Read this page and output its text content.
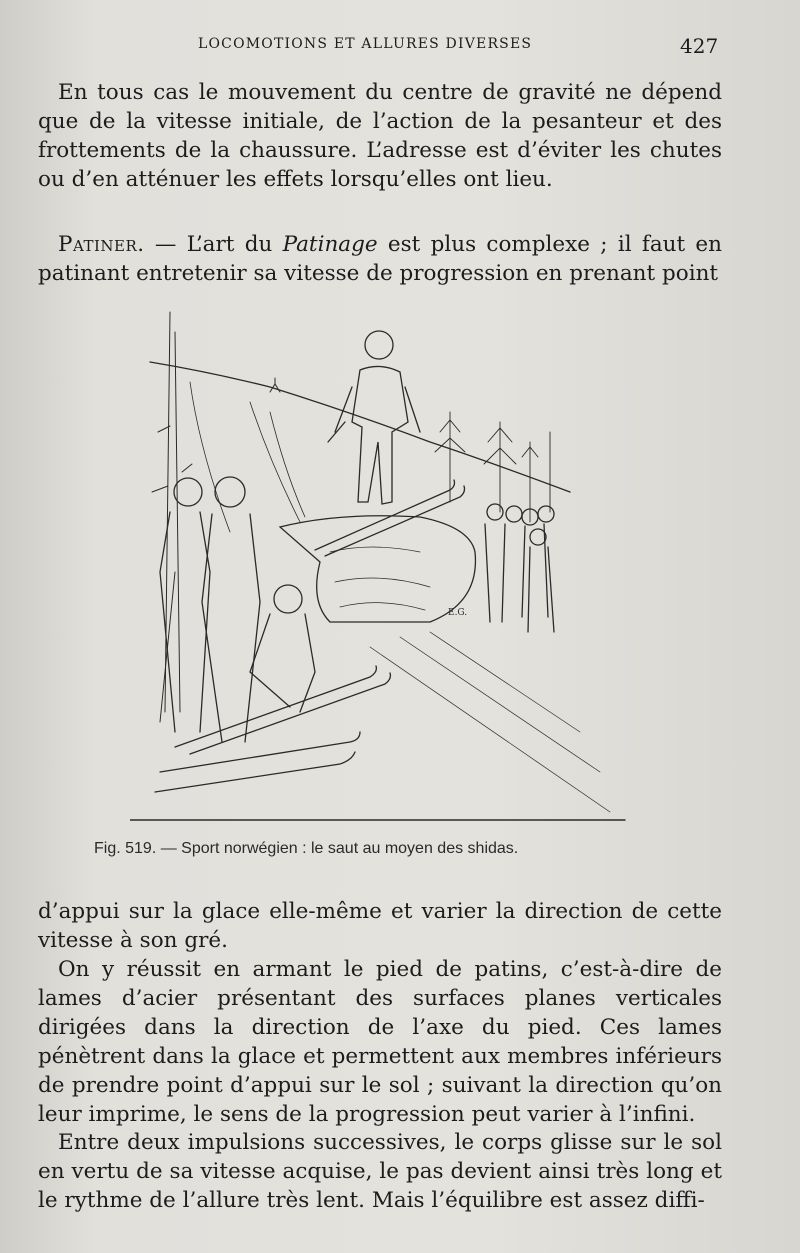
LOCOMOTIONS ET ALLURES DIVERSES	427

En tous cas le mouvement du centre de gravité ne dépend que de la vitesse initiale, de l’action de la pesanteur et des frottements de la chaussure. L’adresse est d’éviter les chutes ou d’en atténuer les effets lorsqu’elles ont lieu.

Patiner. — L’art du Patinage est plus complexe ; il faut en patinant entretenir sa vitesse de progression en prenant point

E.G.
Fig. 519. — Sport norwégien : le saut au moyen des shidas.

d’appui sur la glace elle-même et varier la direction de cette vitesse à son gré.

On y réussit en armant le pied de patins, c’est-à-dire de lames d’acier présentant des surfaces planes verticales dirigées dans la direction de l’axe du pied. Ces lames pénètrent dans la glace et permettent aux membres inférieurs de prendre point d’appui sur le sol ; suivant la direction qu’on leur imprime, le sens de la progression peut varier à l’infini.

Entre deux impulsions successives, le corps glisse sur le sol en vertu de sa vitesse acquise, le pas devient ainsi très long et le rythme de l’allure très lent. Mais l’équilibre est assez diffi-
